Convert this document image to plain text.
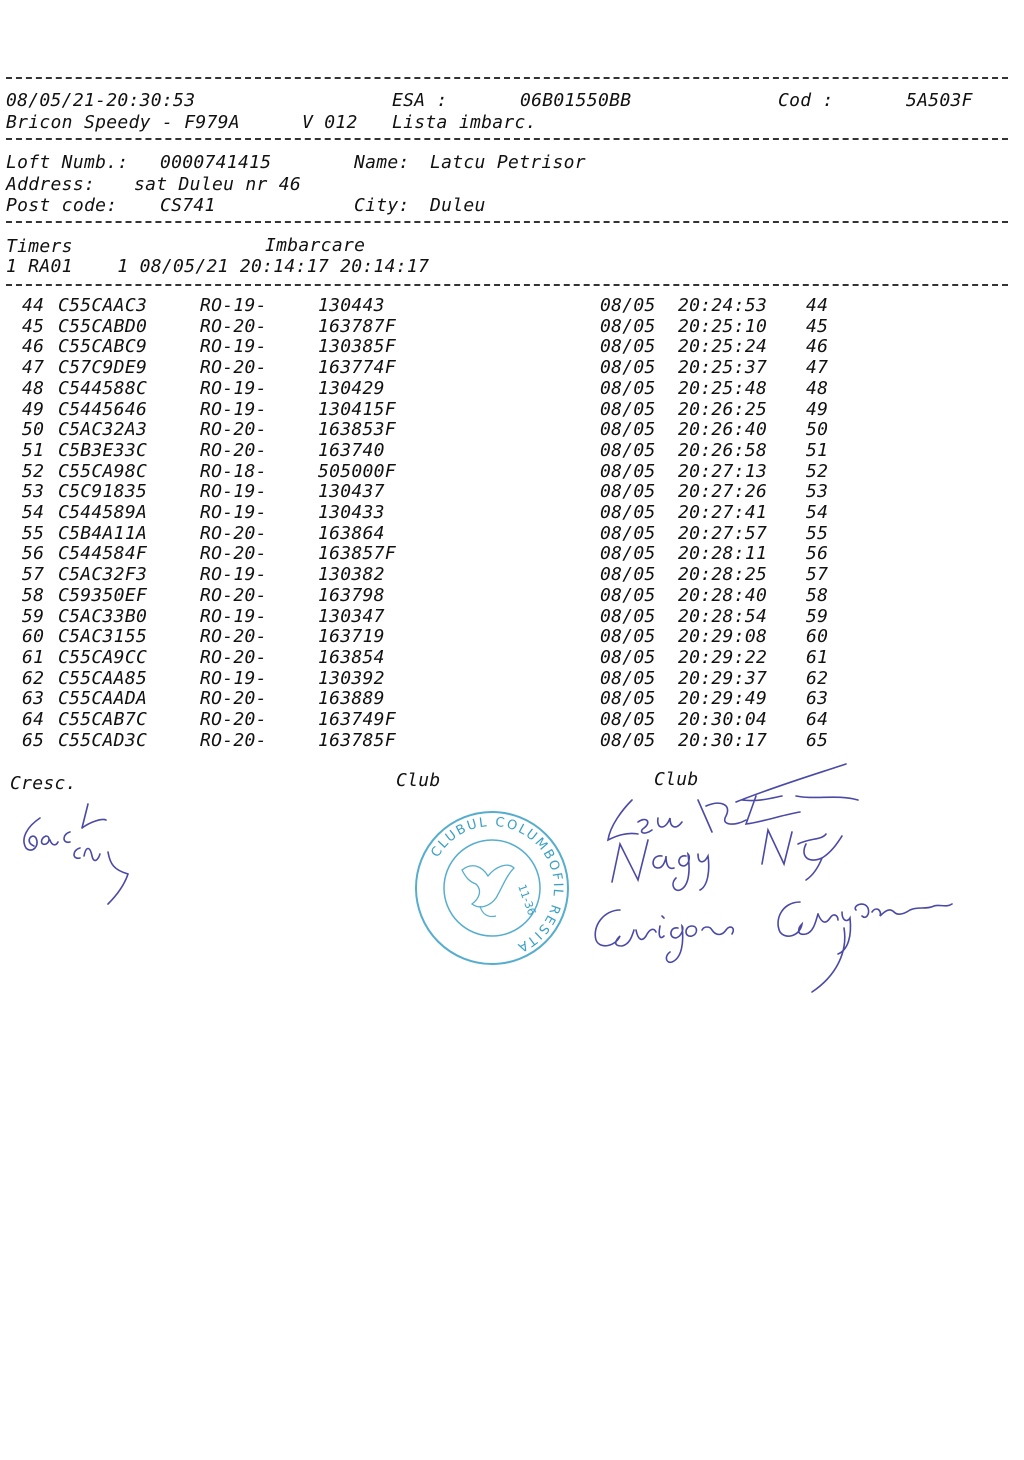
08/05/21-20:30:53	ESA :	06B01550BB	Cod :	5A503F
Bricon Speedy - F979A	V 012 Lista imbarc.
Loft Numb.: 0000741415	Name: Latcu Petrisor
Address: sat Duleu nr 46
Post code: CS741	City: Duleu
Timers	Imbarcare
1 RA01    1 08/05/21 20:14:17 20:14:17
44 C55CAAC3	RO-19-	130443	08/05 20:24:53 44
45 C55CABD0	RO-20-	163787F	08/05 20:25:10 45
46 C55CABC9	RO-19-	130385F	08/05 20:25:24 46
47 C57C9DE9	RO-20-	163774F	08/05 20:25:37 47
48 C544588C	RO-19-	130429	08/05 20:25:48 48
49 C5445646	RO-19-	130415F	08/05 20:26:25 49
50 C5AC32A3	RO-20-	163853F	08/05 20:26:40 50
51 C5B3E33C	RO-20-	163740	08/05 20:26:58 51
52 C55CA98C	RO-18-	505000F	08/05 20:27:13 52
53 C5C91835	RO-19-	130437	08/05 20:27:26 53
54 C544589A	RO-19-	130433	08/05 20:27:41 54
55 C5B4A11A	RO-20-	163864	08/05 20:27:57 55
56 C544584F	RO-20-	163857F	08/05 20:28:11 56
57 C5AC32F3	RO-19-	130382	08/05 20:28:25 57
58 C59350EF	RO-20-	163798	08/05 20:28:40 58
59 C5AC33B0	RO-19-	130347	08/05 20:28:54 59
60 C5AC3155	RO-20-	163719	08/05 20:29:08 60
61 C55CA9CC	RO-20-	163854	08/05 20:29:22 61
62 C55CAA85	RO-19-	130392	08/05 20:29:37 62
63 C55CAADA	RO-20-	163889	08/05 20:29:49 63
64 C55CAB7C	RO-20-	163749F	08/05 20:30:04 64
65 C55CAD3C	RO-20-	163785F	08/05 20:30:17 65
Cresc.	Club	Club
CLUBUL COLUMBOFIL RESITA
11-36
